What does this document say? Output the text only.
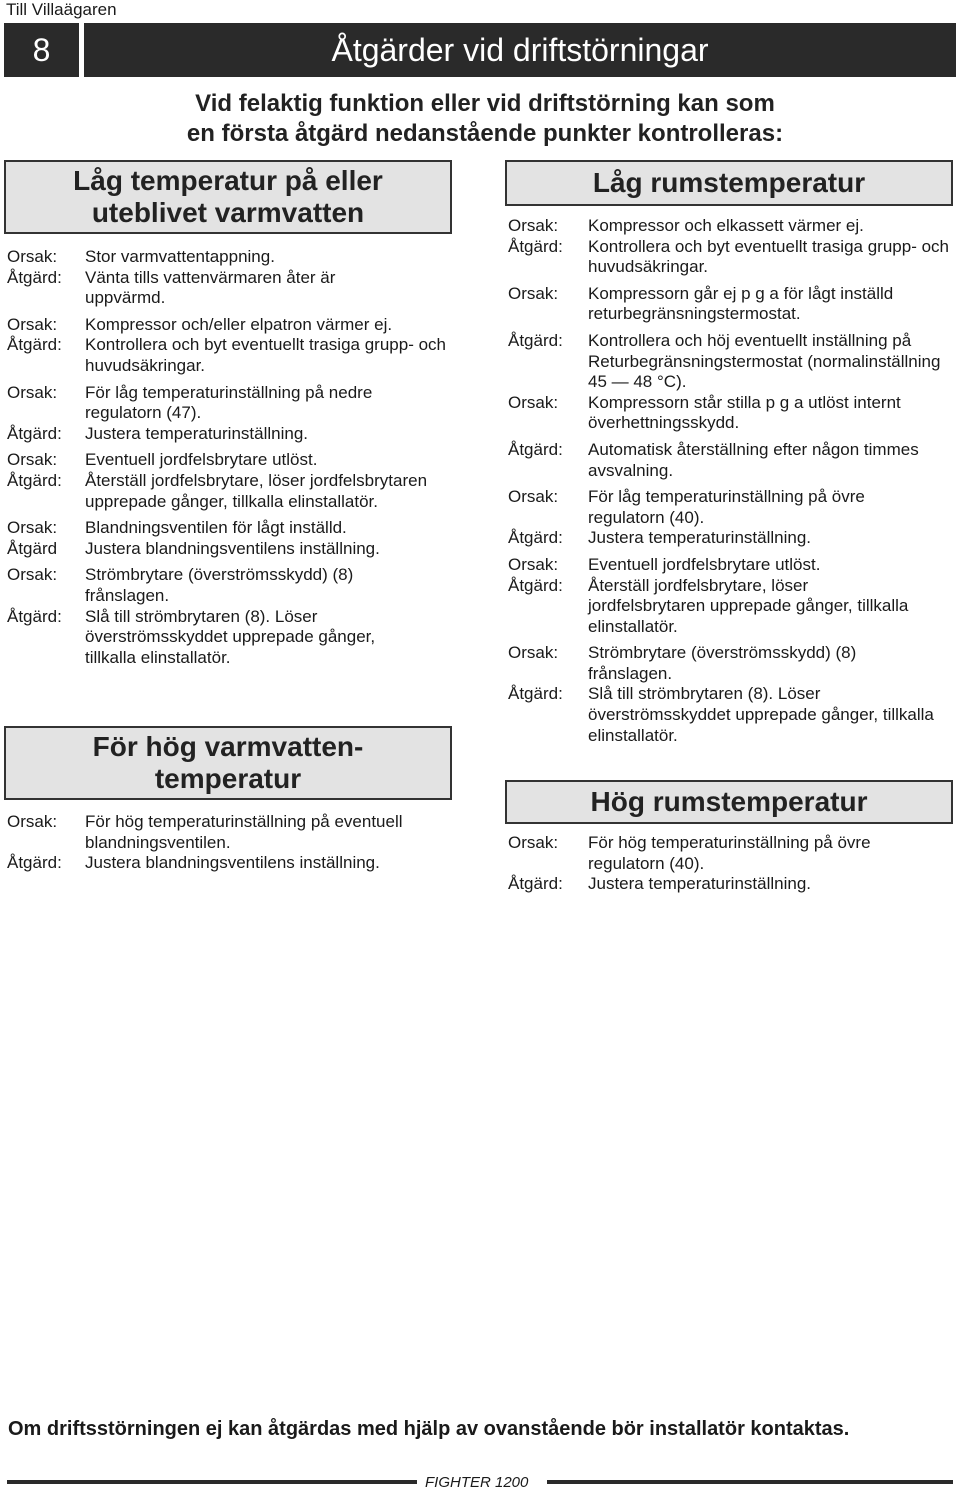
Till Villaägaren
8	Åtgärder vid driftstörningar
Vid felaktig funktion eller vid driftstörning kan som
en första åtgärd nedanstående punkter kontrolleras:
Låg temperatur på eller
uteblivet varmvatten
Orsak:	Stor varmvattentappning.
Åtgärd:	Vänta tills vattenvärmaren åter är uppvärmd.
Orsak:	Kompressor och/eller elpatron värmer ej.
Åtgärd:	Kontrollera och byt eventuellt trasiga grupp- och huvudsäkringar.
Orsak:	För låg temperaturinställning på nedre regulatorn (47).
Åtgärd:	Justera temperaturinställning.
Orsak:	Eventuell jordfelsbrytare utlöst.
Åtgärd:	Återställ jordfelsbrytare, löser jordfelsbrytaren upprepade gånger, tillkalla elinstallatör.
Orsak:	Blandningsventilen för lågt inställd.
Åtgärd	Justera blandningsventilens inställning.
Orsak:	Strömbrytare (överströmsskydd) (8) frånslagen.
Åtgärd:	Slå till strömbrytaren (8). Löser överströmsskyddet upprepade gånger, tillkalla elinstallatör.
För hög varmvatten-
temperatur
Orsak:	För hög temperaturinställning på eventuell blandningsventilen.
Åtgärd:	Justera blandningsventilens inställning.
Låg rumstemperatur
Orsak:	Kompressor och elkassett värmer ej.
Åtgärd:	Kontrollera och byt eventuellt trasiga grupp- och huvudsäkringar.
Orsak:	Kompressorn går ej p g a för lågt inställd returbegränsningstermostat.
Åtgärd:	Kontrollera och höj eventuellt inställning på Returbegränsningstermostat (normalinställning 45 — 48 °C).
Orsak:	Kompressorn står stilla p g a utlöst internt överhettningsskydd.
Åtgärd:	Automatisk återställning efter någon timmes avsvalning.
Orsak:	För låg temperaturinställning på övre regulatorn (40).
Åtgärd:	Justera temperaturinställning.
Orsak:	Eventuell jordfelsbrytare utlöst.
Åtgärd:	Återställ jordfelsbrytare, löser jordfelsbrytaren upprepade gånger, tillkalla elinstallatör.
Orsak:	Strömbrytare (överströmsskydd) (8) frånslagen.
Åtgärd:	Slå till strömbrytaren (8). Löser överströmsskyddet upprepade gånger, tillkalla elinstallatör.
Hög rumstemperatur
Orsak:	För hög temperaturinställning på övre regulatorn (40).
Åtgärd:	Justera temperaturinställning.
Om driftsstörningen ej kan åtgärdas med hjälp av ovanstående bör installatör kontaktas.
FIGHTER 1200
